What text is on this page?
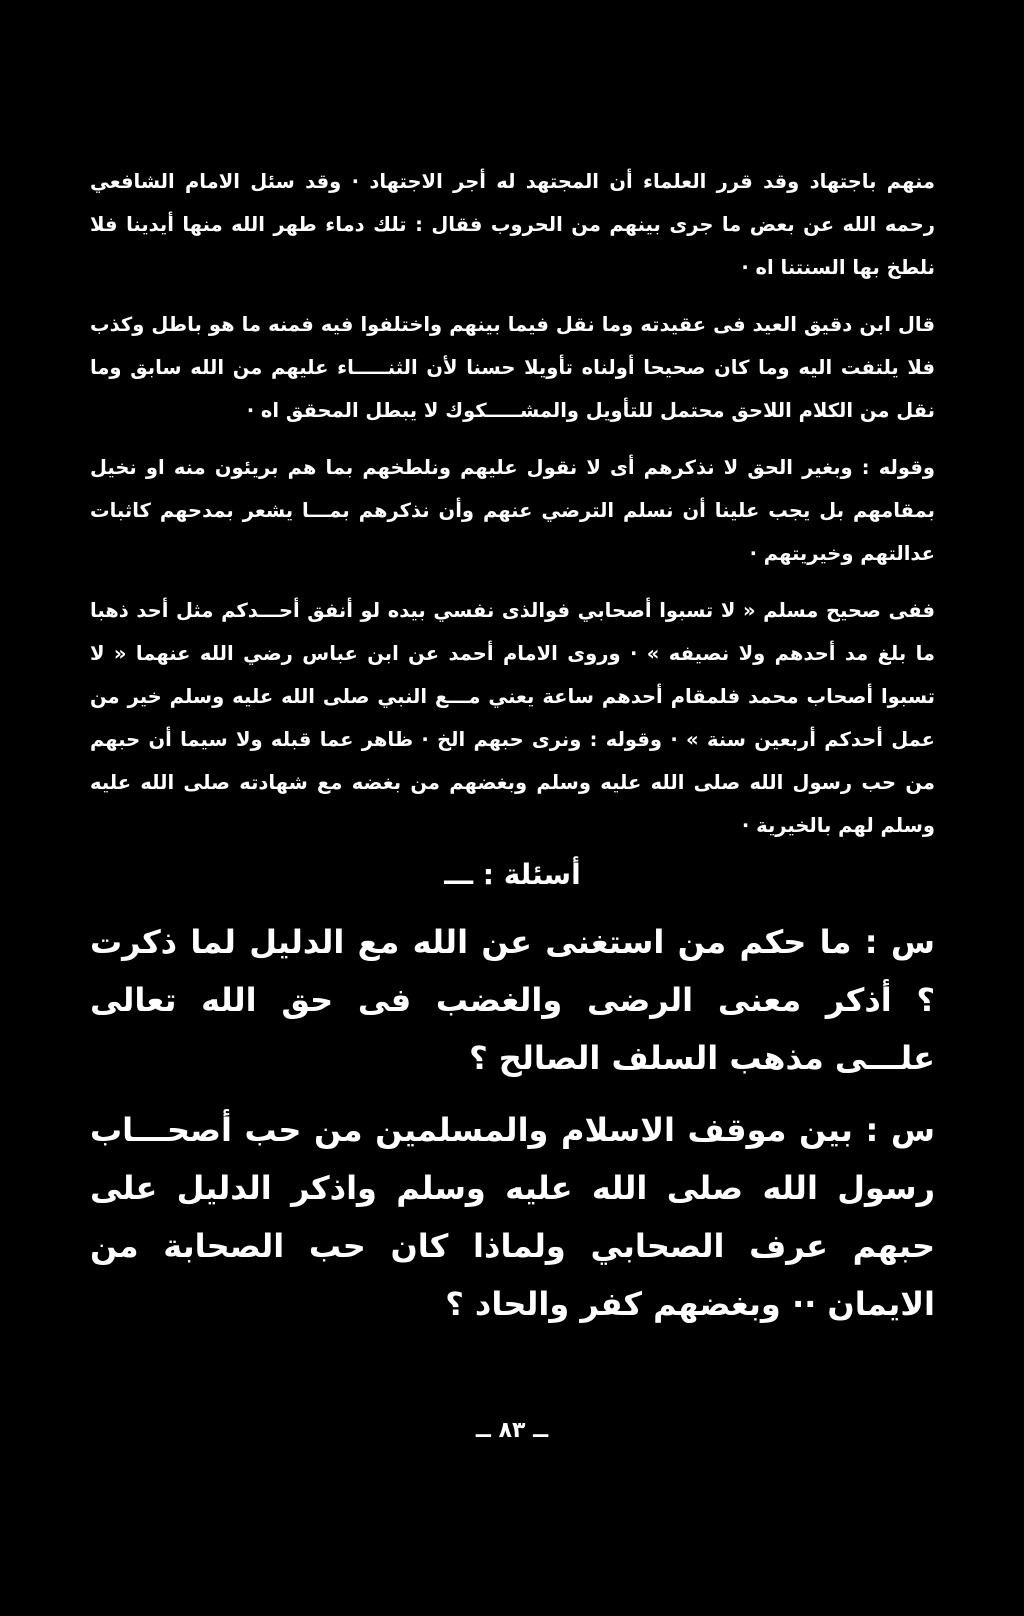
منهم باجتهاد وقد قرر العلماء أن المجتهد له أجر الاجتهاد ⋅ وقد سئل الامام الشافعي رحمه الله عن بعض ما جرى بينهم من الحروب فقال : تلك دماء طهر الله منها أيدينا فلا نلطخ بها السنتنا اه ⋅

قال ابن دقيق العيد فى عقيدته وما نقل فيما بينهم واختلفوا فيه فمنه ما هو باطل وكذب فلا يلتفت اليه وما كان صحيحا أولناه تأويلا حسنا لأن الثنـــــاء عليهم من الله سابق وما نقل من الكلام اللاحق محتمل للتأويل والمشـــــكوك لا يبطل المحقق اه ⋅

وقوله : وبغير الحق لا نذكرهم أى لا نقول عليهم ونلطخهم بما هم بريئون منه او نخيل بمقامهم بل يجب علينا أن نسلم الترضي عنهم وأن نذكرهم بمـــا يشعر بمدحهم كاثبات عدالتهم وخيريتهم ⋅

ففى صحيح مسلم « لا تسبوا أصحابي فوالذى نفسي بيده لو أنفق أحـــدكم مثل أحد ذهبا ما بلغ مد أحدهم ولا نصيفه » ⋅ وروى الامام أحمد عن ابن عباس رضي الله عنهما « لا تسبوا أصحاب محمد فلمقام أحدهم ساعة يعني مـــع النبي صلى الله عليه وسلم خير من عمل أحدكم أربعين سنة » ⋅ وقوله : ونرى حبهم الخ ⋅ ظاهر عما قبله ولا سيما أن حبهم من حب رسول الله صلى الله عليه وسلم وبغضهم من بغضه مع شهادته صلى الله عليه وسلم لهم بالخيرية ⋅

أسئلة : ـــ

س : ما حكم من استغنى عن الله مع الدليل لما ذكرت ؟ أذكر معنى الرضى والغضب فى حق الله تعالى علـــى مذهب السلف الصالح ؟

س : بين موقف الاسلام والمسلمين من حب أصحـــاب رسول الله صلى الله عليه وسلم واذكر الدليل على حبهم عرف الصحابي ولماذا كان حب الصحابة من الايمان ⋅⋅ وبغضهم كفر والحاد ؟

ــ ٨٣ ــ
